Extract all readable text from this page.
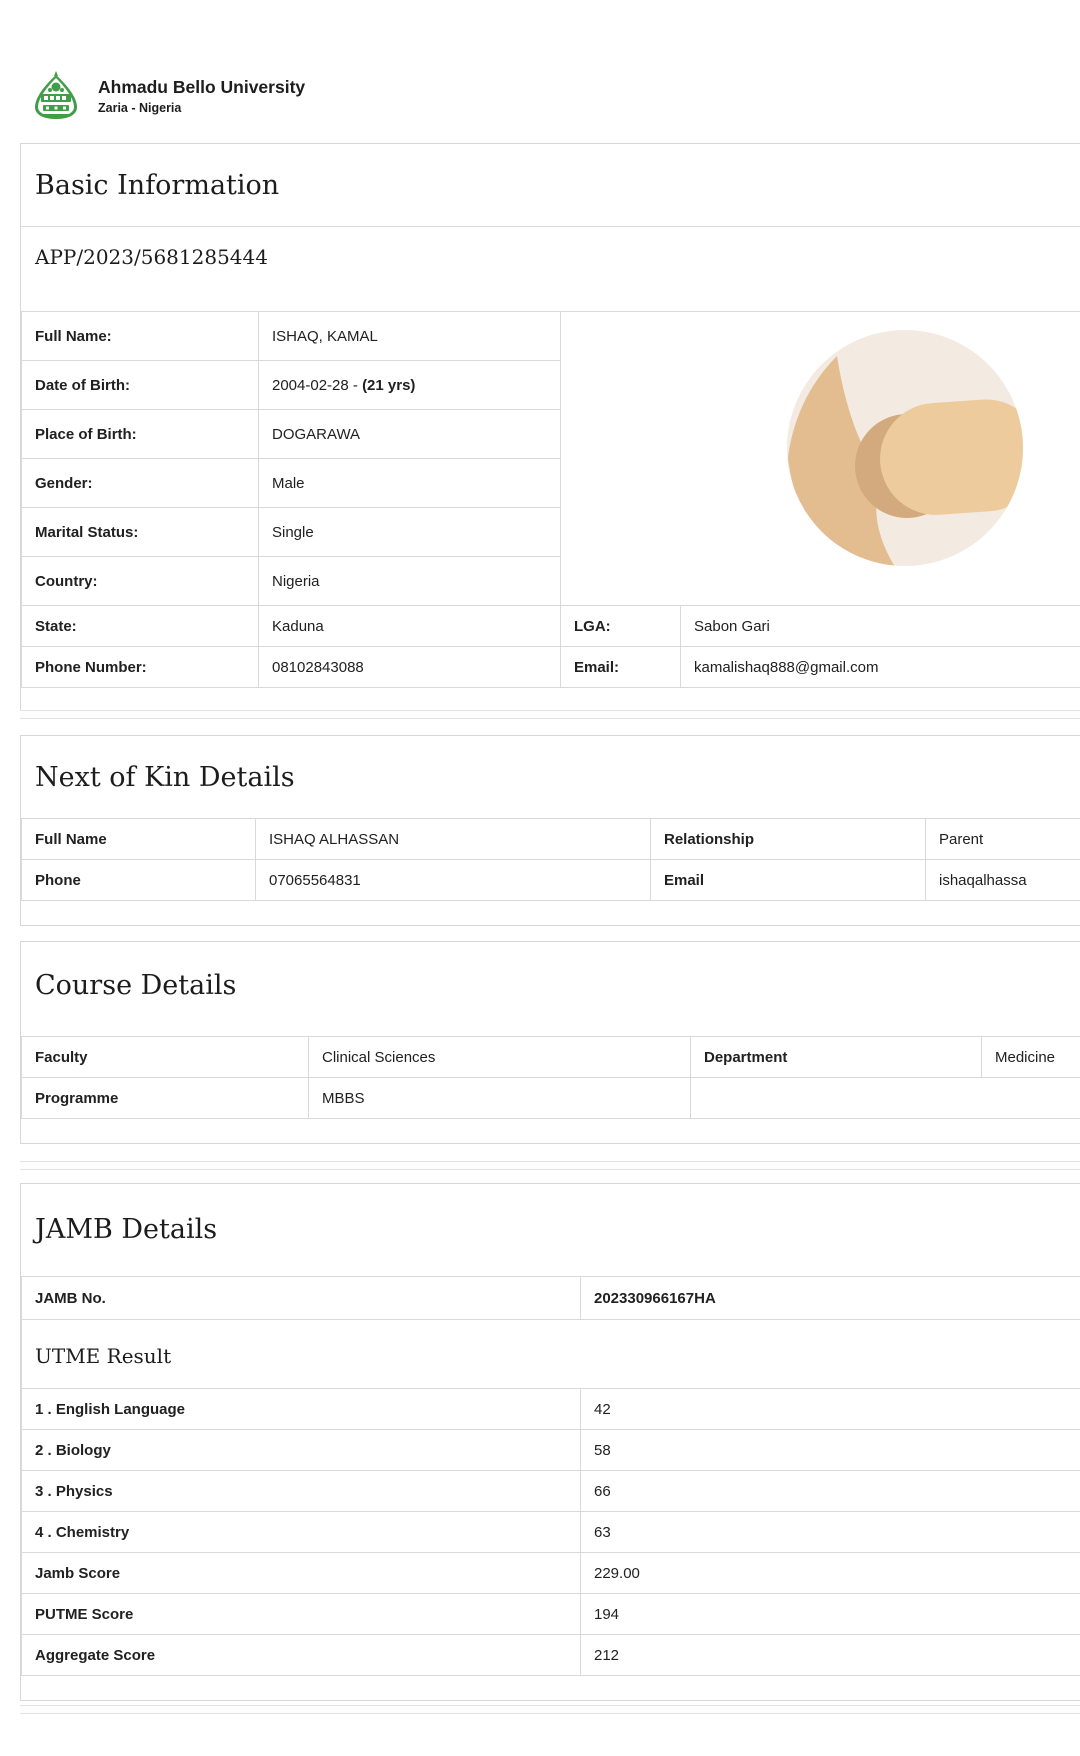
Ahmadu Bello University
Zaria - Nigeria
Basic Information
APP/2023/5681285444
Full Name:	ISHAQ, KAMAL	

Date of Birth:	2004-02-28 - (21 yrs)		
Place of Birth:	DOGARAWA		
Gender:	Male		
Marital Status:	Single		
Country:	Nigeria		
State:	Kaduna	LGA:	Sabon Gari
Phone Number:	08102843088	Email:	kamalishaq888@gmail.com
Next of Kin Details
Full Name	ISHAQ ALHASSAN	Relationship	Parent
Phone	07065564831	Email	ishaqalhassa
Course Details
Faculty	Clinical Sciences	Department	Medicine
Programme	MBBS		
JAMB Details
JAMB No.	202330966167HA
UTME Result	
1 . English Language	42
2 . Biology	58
3 . Physics	66
4 . Chemistry	63
Jamb Score	229.00
PUTME Score	194
Aggregate Score	212
